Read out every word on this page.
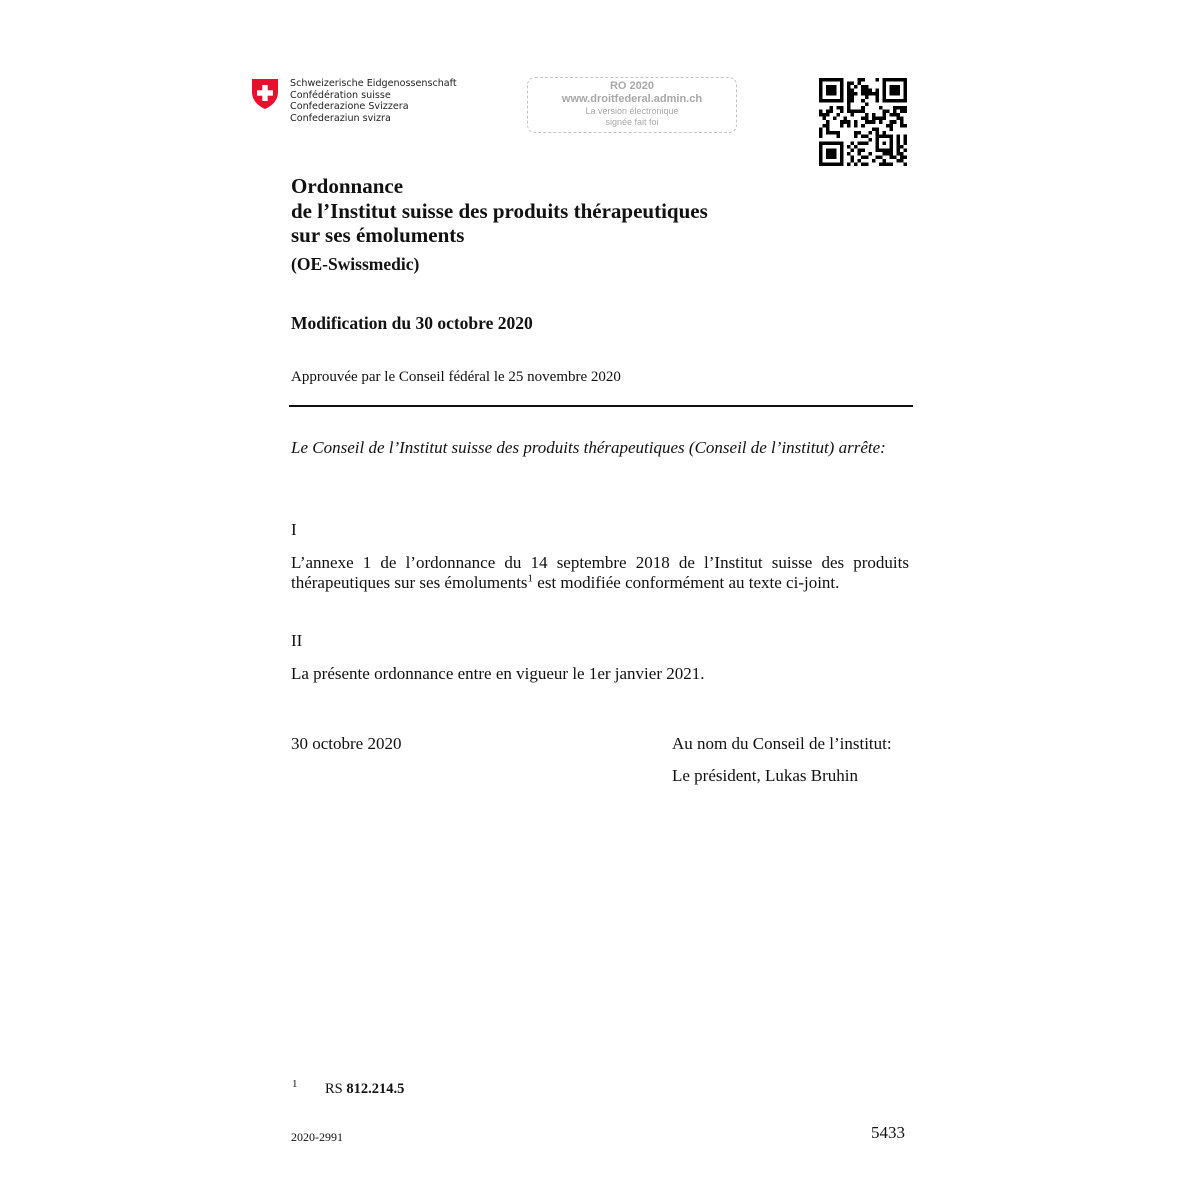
Schweizerische Eidgenossenschaft
Confédération suisse
Confederazione Svizzera
Confederaziun svizra
RO 2020
www.droitfederal.admin.ch
La version électronique
signée fait foi
Ordonnance
de l’Institut suisse des produits thérapeutiques
sur ses émoluments
(OE-Swissmedic)
Modification du 30 octobre 2020
Approuvée par le Conseil fédéral le 25 novembre 2020
Le Conseil de l’Institut suisse des produits thérapeutiques (Conseil de l’institut) arrête:
I
L’annexe 1 de l’ordonnance du 14 septembre 2018 de l’Institut suisse des produits thérapeutiques sur ses émoluments$^1$ est modifiée conformément au texte ci-joint.
II
La présente ordonnance entre en vigueur le 1er janvier 2021.
30 octobre 2020	Au nom du Conseil de l’institut:
Le président, Lukas Bruhin
1 RS 812.214.5
2020-2991	5433
